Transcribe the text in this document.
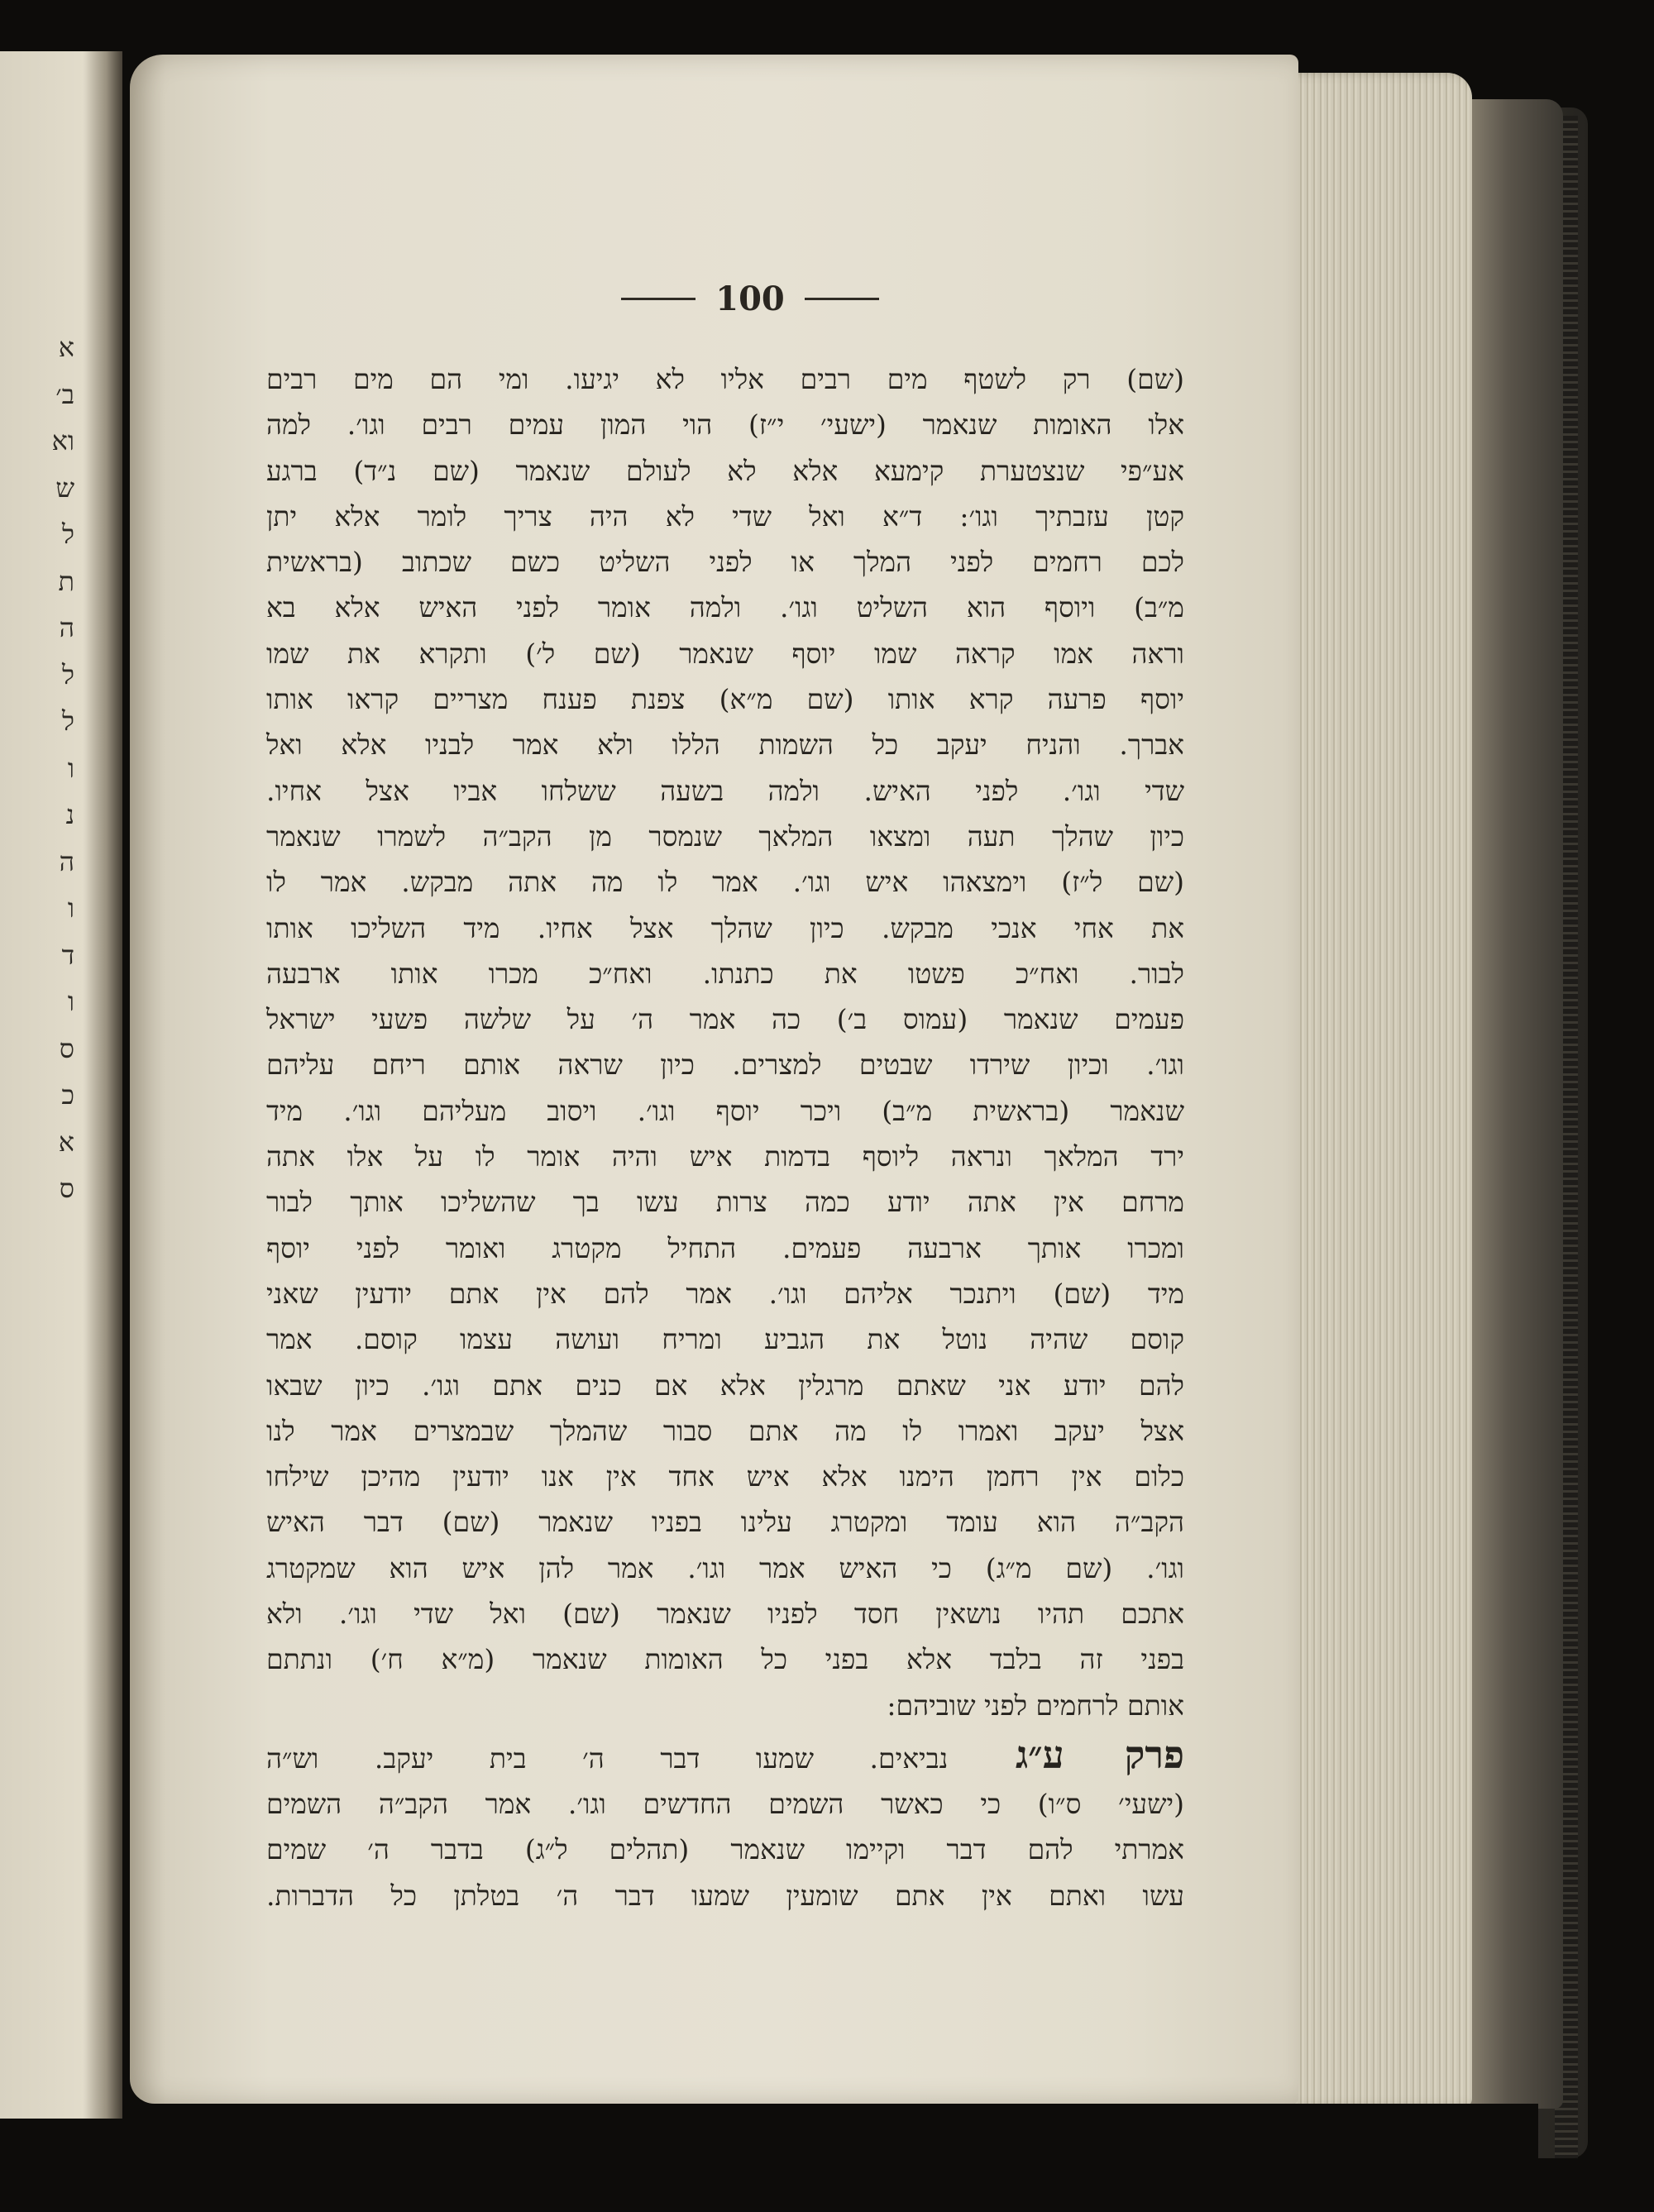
א
ב׳
וא
ש
ל
ת
ה
ל
ל
ו
נ
ה
ו
ד
ו
ס
כ
א
ס
100
(שם) רק לשטף מים רבים אליו לא יגיעו. ומי הם מים רבים
אלו האומות שנאמר (ישעי׳ י״ז) הוי המון עמים רבים וגו׳. למה
אע״פי שנצטערת קימעא אלא לא לעולם שנאמר (שם נ״ד) ברגע
קטן עזבתיך וגו׳: ד״א ואל שדי לא היה צריך לומר אלא יתן
לכם רחמים לפני המלך או לפני השליט כשם שכתוב (בראשית
מ״ב) ויוסף הוא השליט וגו׳. ולמה אומר לפני האיש אלא בא
וראה אמו קראה שמו יוסף שנאמר (שם ל׳) ותקרא את שמו
יוסף פרעה קרא אותו (שם מ״א) צפנת פענח מצריים קראו אותו
אברך. והניח יעקב כל השמות הללו ולא אמר לבניו אלא ואל
שדי וגו׳. לפני האיש. ולמה בשעה ששלחו אביו אצל אחיו.
כיון שהלך תעה ומצאו המלאך שנמסר מן הקב״ה לשמרו שנאמר
(שם ל״ז) וימצאהו איש וגו׳. אמר לו מה אתה מבקש. אמר לו
את אחי אנכי מבקש. כיון שהלך אצל אחיו. מיד השליכו אותו
לבור. ואח״כ פשטו את כתנתו. ואח״כ מכרו אותו ארבעה
פעמים שנאמר (עמוס ב׳) כה אמר ה׳ על שלשה פשעי ישראל
וגו׳. וכיון שירדו שבטים למצרים. כיון שראה אותם ריחם עליהם
שנאמר (בראשית מ״ב) ויכר יוסף וגו׳. ויסוב מעליהם וגו׳. מיד
ירד המלאך ונראה ליוסף בדמות איש והיה אומר לו על אלו אתה
מרחם אין אתה יודע כמה צרות עשו בך שהשליכו אותך לבור
ומכרו אותך ארבעה פעמים. התחיל מקטרג ואומר לפני יוסף
מיד (שם) ויתנכר אליהם וגו׳. אמר להם אין אתם יודעין שאני
קוסם שהיה נוטל את הגביע ומריח ועושה עצמו קוסם. אמר
להם יודע אני שאתם מרגלין אלא אם כנים אתם וגו׳. כיון שבאו
אצל יעקב ואמרו לו מה אתם סבור שהמלך שבמצרים אמר לנו
כלום אין רחמן הימנו אלא איש אחד אין אנו יודעין מהיכן שילחו
הקב״ה הוא עומד ומקטרג עלינו בפניו שנאמר (שם) דבר האיש
וגו׳. (שם מ״ג) כי האיש אמר וגו׳. אמר להן איש הוא שמקטרג
אתכם תהיו נושאין חסד לפניו שנאמר (שם) ואל שדי וגו׳. ולא
בפני זה בלבד אלא בפני כל האומות שנאמר (מ״א ח׳) ונתתם
אותם לרחמים לפני שוביהם:
פרק ע״ג נביאים. שמעו דבר ה׳ בית יעקב. וש״ה
(ישעי׳ ס״ו) כי כאשר השמים החדשים וגו׳. אמר הקב״ה השמים
אמרתי להם דבר וקיימו שנאמר (תהלים ל״ג) בדבר ה׳ שמים
עשו ואתם אין אתם שומעין שמעו דבר ה׳ בטלתן כל הדברות.
